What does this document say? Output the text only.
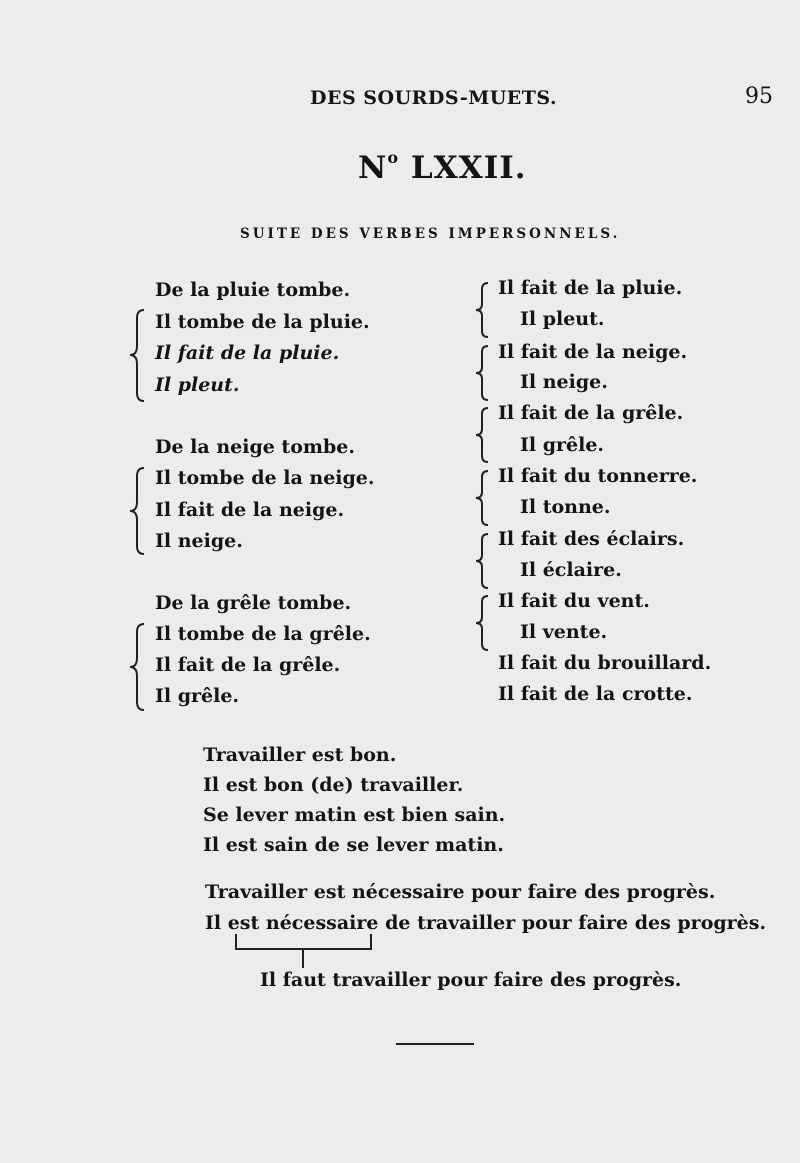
DES SOURDS-MUETS.	95
$N^o$ LXXII.
SUITE DES VERBES IMPERSONNELS.
De la pluie tombe.
Il tombe de la pluie.
Il fait de la pluie.
Il pleut.
De la neige tombe.
Il tombe de la neige.
Il fait de la neige.
Il neige.
De la grêle tombe.
Il tombe de la grêle.
Il fait de la grêle.
Il grêle.
Il fait de la pluie.
Il pleut.
Il fait de la neige.
Il neige.
Il fait de la grêle.
Il grêle.
Il fait du tonnerre.
Il tonne.
Il fait des éclairs.
Il éclaire.
Il fait du vent.
Il vente.
Il fait du brouillard.
Il fait de la crotte.
Travailler est bon.
Il est bon (de) travailler.
Se lever matin est bien sain.
Il est sain de se lever matin.
Travailler est nécessaire pour faire des progrès.
Il est nécessaire de travailler pour faire des progrès.
Il faut travailler pour faire des progrès.
